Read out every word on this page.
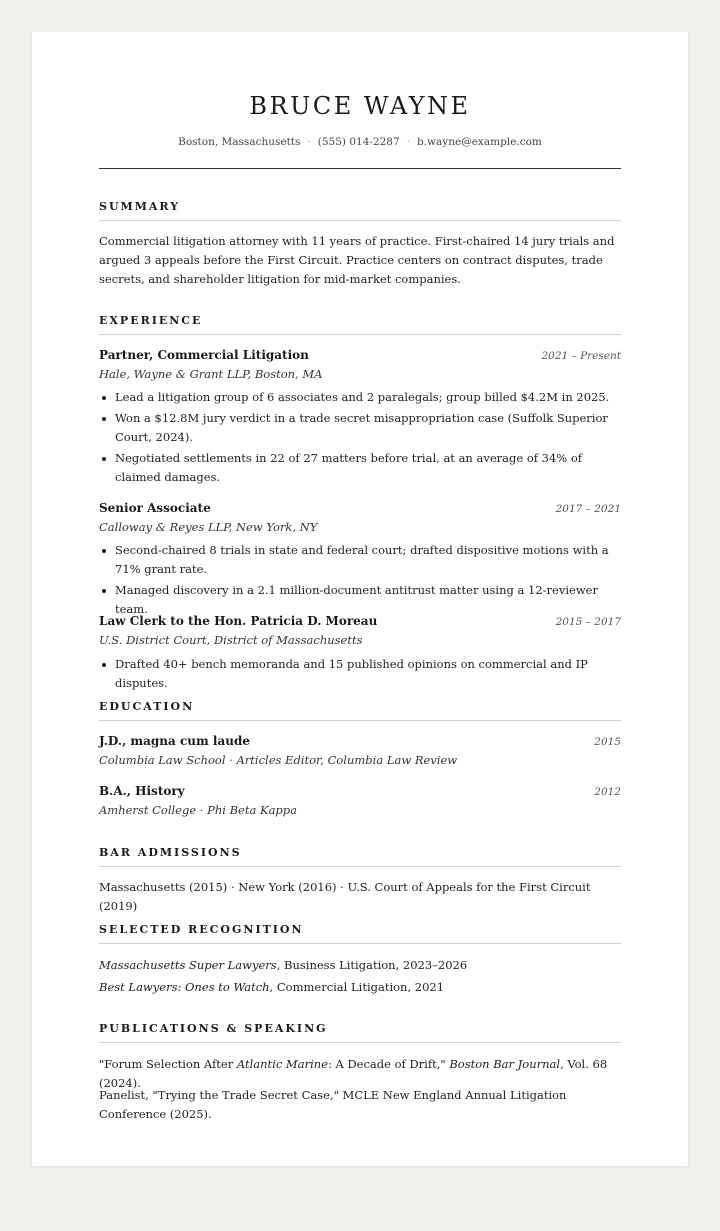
BRUCE WAYNE
Boston, Massachusetts · (555) 014-2287 · b.wayne@example.com
SUMMARY
Commercial litigation attorney with 11 years of practice. First-chaired 14 jury trials and argued 3 appeals before the First Circuit. Practice centers on contract disputes, trade secrets, and shareholder litigation for mid-market companies.
EXPERIENCE
Partner, Commercial Litigation	2021 – Present
Hale, Wayne & Grant LLP, Boston, MA
Lead a litigation group of 6 associates and 2 paralegals; group billed $4.2M in 2025.
Won a $12.8M jury verdict in a trade secret misappropriation case (Suffolk Superior Court, 2024).
Negotiated settlements in 22 of 27 matters before trial, at an average of 34% of claimed damages.
Senior Associate	2017 – 2021
Calloway & Reyes LLP, New York, NY
Second-chaired 8 trials in state and federal court; drafted dispositive motions with a 71% grant rate.
Managed discovery in a 2.1 million-document antitrust matter using a 12-reviewer team.
Law Clerk to the Hon. Patricia D. Moreau	2015 – 2017
U.S. District Court, District of Massachusetts
Drafted 40+ bench memoranda and 15 published opinions on commercial and IP disputes.
EDUCATION
J.D., magna cum laude	2015
Columbia Law School · Articles Editor, Columbia Law Review
B.A., History	2012
Amherst College · Phi Beta Kappa
BAR ADMISSIONS
Massachusetts (2015) · New York (2016) · U.S. Court of Appeals for the First Circuit (2019)
SELECTED RECOGNITION
Massachusetts Super Lawyers, Business Litigation, 2023–2026
Best Lawyers: Ones to Watch, Commercial Litigation, 2021
PUBLICATIONS & SPEAKING
"Forum Selection After Atlantic Marine: A Decade of Drift," Boston Bar Journal, Vol. 68 (2024).
Panelist, "Trying the Trade Secret Case," MCLE New England Annual Litigation Conference (2025).
